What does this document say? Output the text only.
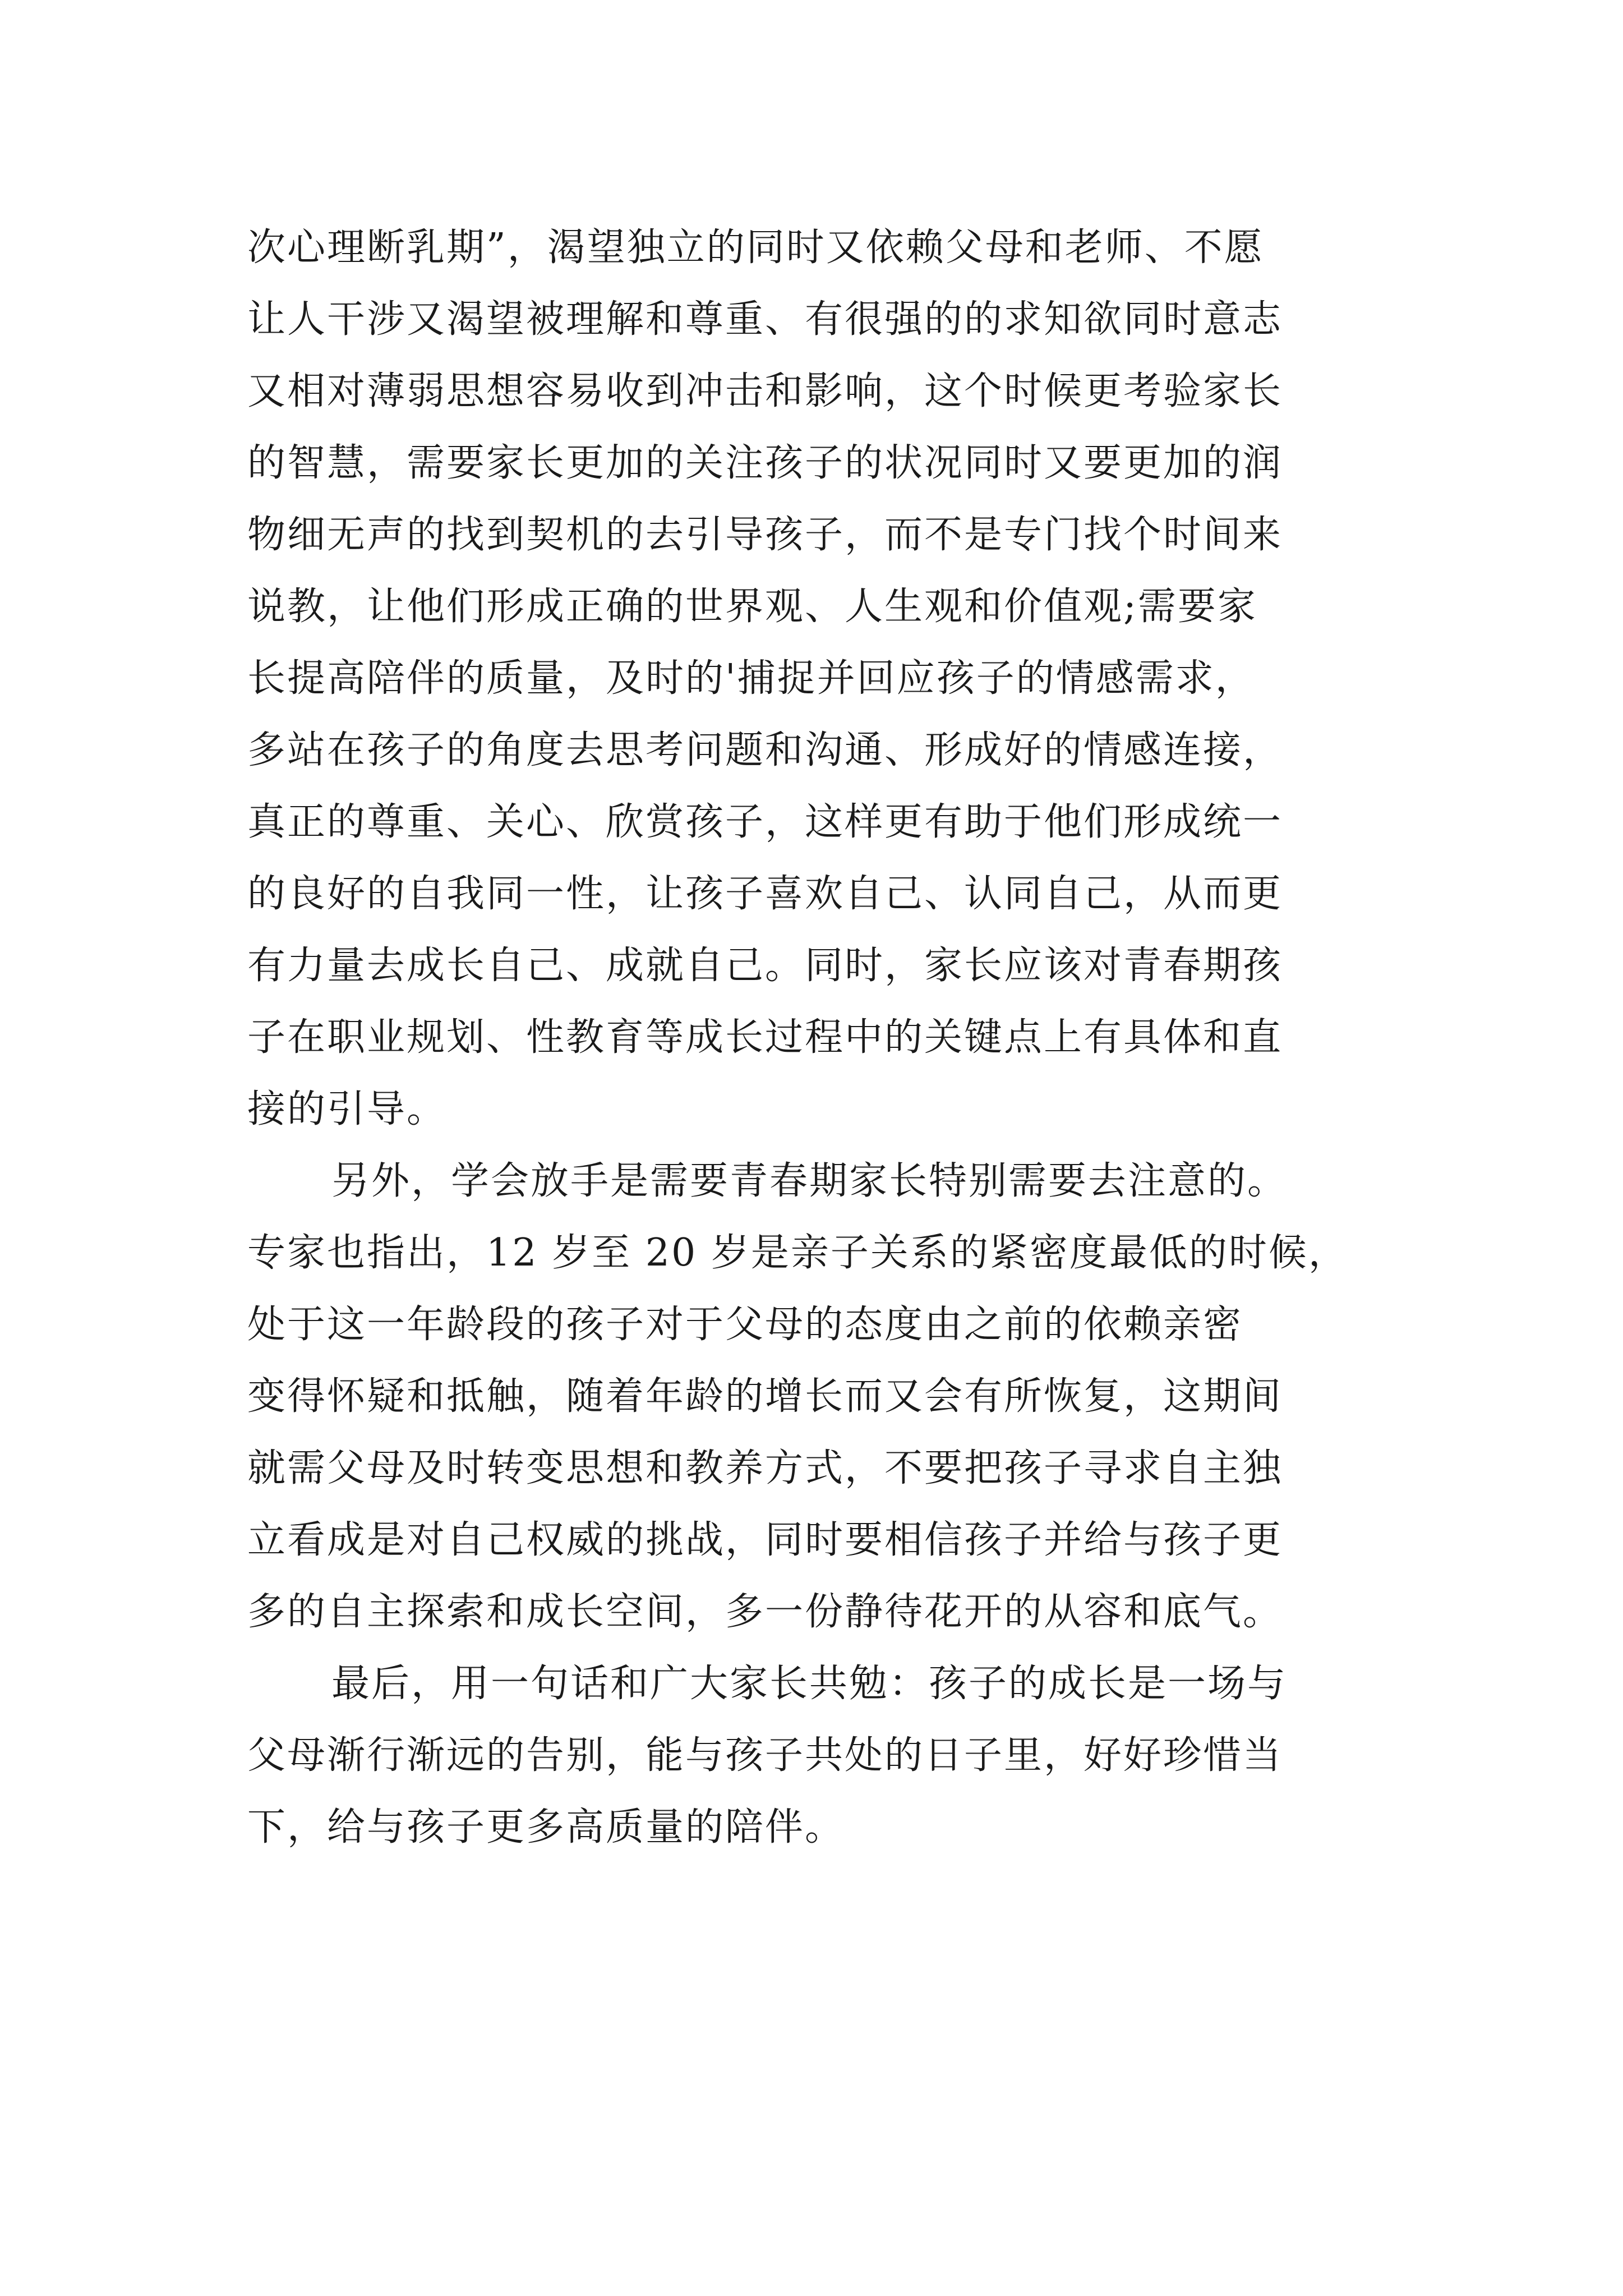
次心理断乳期”，渴望独立的同时又依赖父母和老师、不愿
让人干涉又渴望被理解和尊重、有很强的的求知欲同时意志
又相对薄弱思想容易收到冲击和影响，这个时候更考验家长
的智慧，需要家长更加的关注孩子的状况同时又要更加的润
物细无声的找到契机的去引导孩子，而不是专门找个时间来
说教，让他们形成正确的世界观、人生观和价值观;需要家
长提高陪伴的质量，及时的'捕捉并回应孩子的情感需求，
多站在孩子的角度去思考问题和沟通、形成好的情感连接，
真正的尊重、关心、欣赏孩子，这样更有助于他们形成统一
的良好的自我同一性，让孩子喜欢自己、认同自己，从而更
有力量去成长自己、成就自己。同时，家长应该对青春期孩
子在职业规划、性教育等成长过程中的关键点上有具体和直
接的引导。
另外，学会放手是需要青春期家长特别需要去注意的。
专家也指出，12 岁至 20 岁是亲子关系的紧密度最低的时候，
处于这一年龄段的孩子对于父母的态度由之前的依赖亲密
变得怀疑和抵触，随着年龄的增长而又会有所恢复，这期间
就需父母及时转变思想和教养方式，不要把孩子寻求自主独
立看成是对自己权威的挑战，同时要相信孩子并给与孩子更
多的自主探索和成长空间，多一份静待花开的从容和底气。
最后，用一句话和广大家长共勉：孩子的成长是一场与
父母渐行渐远的告别，能与孩子共处的日子里，好好珍惜当
下，给与孩子更多高质量的陪伴。
